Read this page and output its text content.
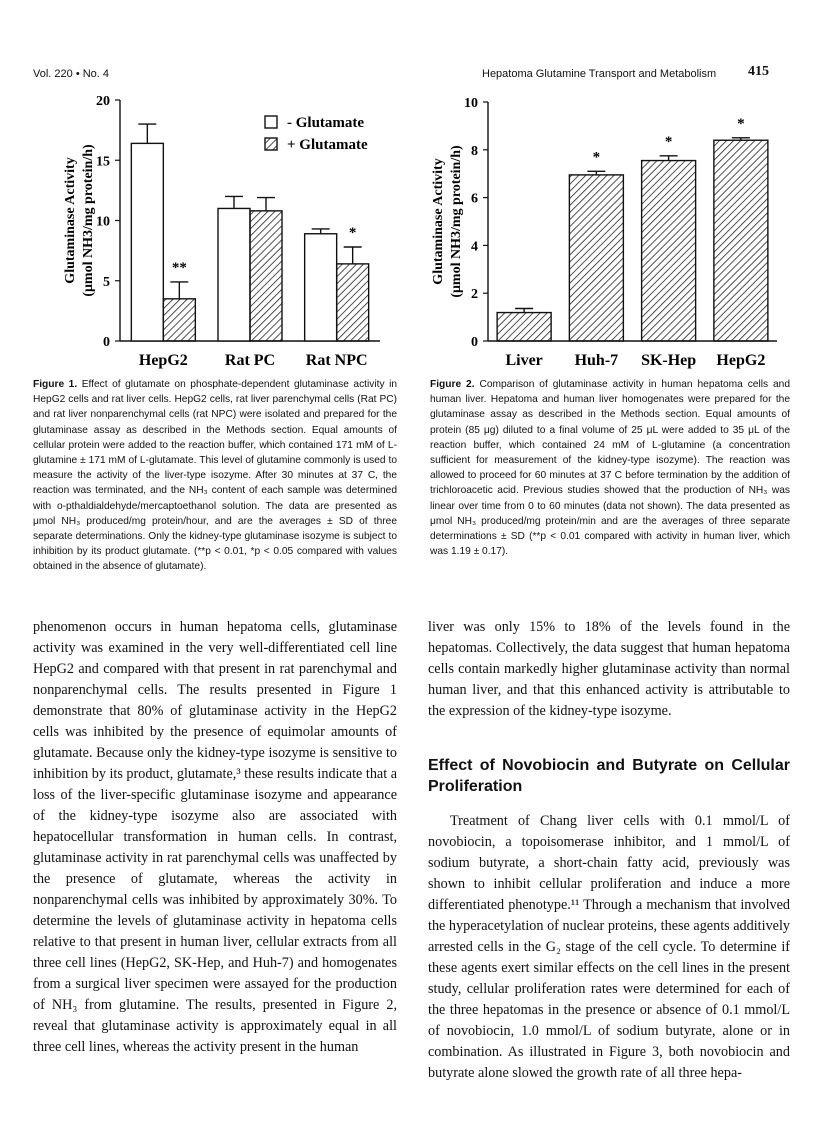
Vol. 220 • No. 4	Hepatoma Glutamine Transport and Metabolism 415
Glutaminase Activity (μmol NH3/mg protein/h)	**
*
0
5
10
15
20
HepG2 Rat PC Rat NPC
- Glutamate
+ Glutamate
Glutaminase Activity (μmol NH3/mg protein/h)	*
*
*
0
2
4
6
8
10
Liver Huh-7 SK-Hep HepG2
Figure 1. Effect of glutamate on phosphate-dependent glutaminase activity in HepG2 cells and rat liver cells. HepG2 cells, rat liver parenchymal cells (Rat PC) and rat liver nonparenchymal cells (rat NPC) were isolated and prepared for the glutaminase assay as described in the Methods section. Equal amounts of cellular protein were added to the reaction buffer, which contained 171 mM of L-glutamine ± 171 mM of L-glutamate. This level of glutamine commonly is used to measure the activity of the liver-type isozyme. After 30 minutes at 37 C, the reaction was terminated, and the NH₃ content of each sample was determined with o-pthaldialdehyde/mercaptoethanol solution. The data are presented as μmol NH₃ produced/mg protein/hour, and are the averages ± SD of three separate determinations. Only the kidney-type glutaminase isozyme is subject to inhibition by its product glutamate. (**p < 0.01, *p < 0.05 compared with values obtained in the absence of glutamate).
Figure 2. Comparison of glutaminase activity in human hepatoma cells and human liver. Hepatoma and human liver homogenates were prepared for the glutaminase assay as described in the Methods section. Equal amounts of protein (85 μg) diluted to a final volume of 25 μL were added to 35 μL of the reaction buffer, which contained 24 mM of L-glutamine (a concentration sufficient for measurement of the kidney-type isozyme). The reaction was allowed to proceed for 60 minutes at 37 C before termination by the addition of trichloroacetic acid. Previous studies showed that the production of NH₃ was linear over time from 0 to 60 minutes (data not shown). The data presented as μmol NH₃ produced/mg protein/min and are the averages of three separate determinations ± SD (**p < 0.01 compared with activity in human liver, which was 1.19 ± 0.17).

phenomenon occurs in human hepatoma cells, glutaminase activity was examined in the very well-differentiated cell line HepG2 and compared with that present in rat parenchymal and nonparenchymal cells. The results presented in Figure 1 demonstrate that 80% of glutaminase activity in the HepG2 cells was inhibited by the presence of equimolar amounts of glutamate. Because only the kidney-type isozyme is sensitive to inhibition by its product, glutamate,³ these results indicate that a loss of the liver-specific glutaminase isozyme and appearance of the kidney-type isozyme also are associated with hepatocellular transformation in human cells. In contrast, glutaminase activity in rat parenchymal cells was unaffected by the presence of glutamate, whereas the activity in nonparenchymal cells was inhibited by approximately 30%. To determine the levels of glutaminase activity in hepatoma cells relative to that present in human liver, cellular extracts from all three cell lines (HepG2, SK-Hep, and Huh-7) and homogenates from a surgical liver specimen were assayed for the production of NH₃ from glutamine. The results, presented in Figure 2, reveal that glutaminase activity is approximately equal in all three cell lines, whereas the activity present in the human

liver was only 15% to 18% of the levels found in the hepatomas. Collectively, the data suggest that human hepatoma cells contain markedly higher glutaminase activity than normal human liver, and that this enhanced activity is attributable to the expression of the kidney-type isozyme.

Effect of Novobiocin and Butyrate on Cellular Proliferation

Treatment of Chang liver cells with 0.1 mmol/L of novobiocin, a topoisomerase inhibitor, and 1 mmol/L of sodium butyrate, a short-chain fatty acid, previously was shown to inhibit cellular proliferation and induce a more differentiated phenotype.¹¹ Through a mechanism that involved the hyperacetylation of nuclear proteins, these agents additively arrested cells in the G₂ stage of the cell cycle. To determine if these agents exert similar effects on the cell lines in the present study, cellular proliferation rates were determined for each of the three hepatomas in the presence or absence of 0.1 mmol/L of novobiocin, 1.0 mmol/L of sodium butyrate, alone or in combination. As illustrated in Figure 3, both novobiocin and butyrate alone slowed the growth rate of all three hepa-
